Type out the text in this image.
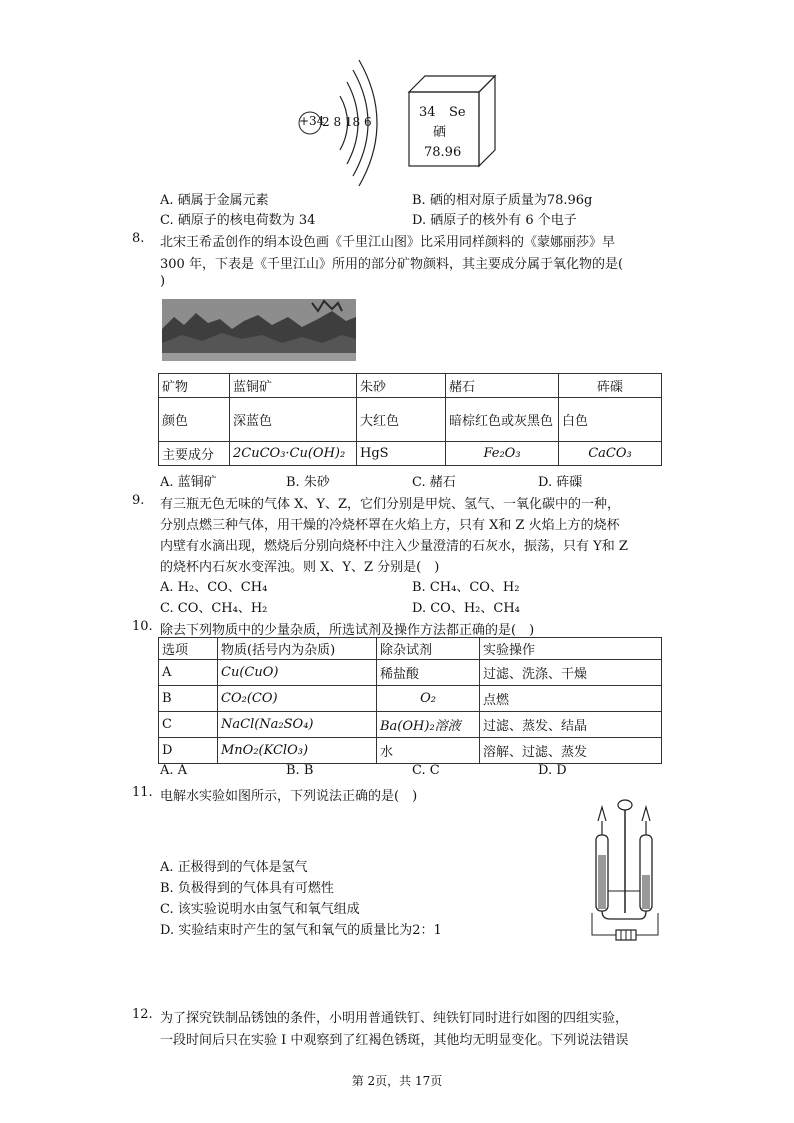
+34
2 8 18 6
34 Se
硒
78.96
A. 硒属于金属元素	B. 硒的相对原子质量为78.96g
C. 硒原子的核电荷数为 34	D. 硒原子的核外有 6 个电子
8. 北宋王希孟创作的绢本设色画《千里江山图》比采用同样颜料的《蒙娜丽莎》早
300 年，下表是《千里江山》所用的部分矿物颜料，其主要成分属于氧化物的是(
)
矿物	蓝铜矿	朱砂	赭石	砗磲
颜色	深蓝色	大红色	暗棕红色或灰黑色	白色
主要成分	2CuCO₃·Cu(OH)₂	HgS	Fe₂O₃	CaCO₃
A. 蓝铜矿	B. 朱砂	C. 赭石	D. 砗磲
9. 有三瓶无色无味的气体 X、Y、Z，它们分别是甲烷、氢气、一氧化碳中的一种，
分别点燃三种气体，用干燥的冷烧杯罩在火焰上方，只有 X和 Z 火焰上方的烧杯
内壁有水滴出现，燃烧后分别向烧杯中注入少量澄清的石灰水，振荡，只有 Y和 Z
的烧杯内石灰水变浑浊。则 X、Y、Z 分别是(　)
A. H₂、CO、CH₄	B. CH₄、CO、H₂
C. CO、CH₄、H₂	D. CO、H₂、CH₄
10. 除去下列物质中的少量杂质，所选试剂及操作方法都正确的是(　)
选项	物质(括号内为杂质)	除杂试剂	实验操作
A	Cu(CuO)	稀盐酸	过滤、洗涤、干燥
B	CO₂(CO)	O₂	点燃
C	NaCl(Na₂SO₄)	Ba(OH)₂溶液	过滤、蒸发、结晶
D	MnO₂(KClO₃)	水	溶解、过滤、蒸发
A. A	B. B	C. C	D. D
11. 电解水实验如图所示，下列说法正确的是(　)
A. 正极得到的气体是氢气
B. 负极得到的气体具有可燃性
C. 该实验说明水由氢气和氧气组成
D. 实验结束时产生的氢气和氧气的质量比为2：1
12. 为了探究铁制品锈蚀的条件，小明用普通铁钉、纯铁钉同时进行如图的四组实验，
一段时间后只在实验 I 中观察到了红褐色锈斑，其他均无明显变化。下列说法错误
第 2页，共 17页
